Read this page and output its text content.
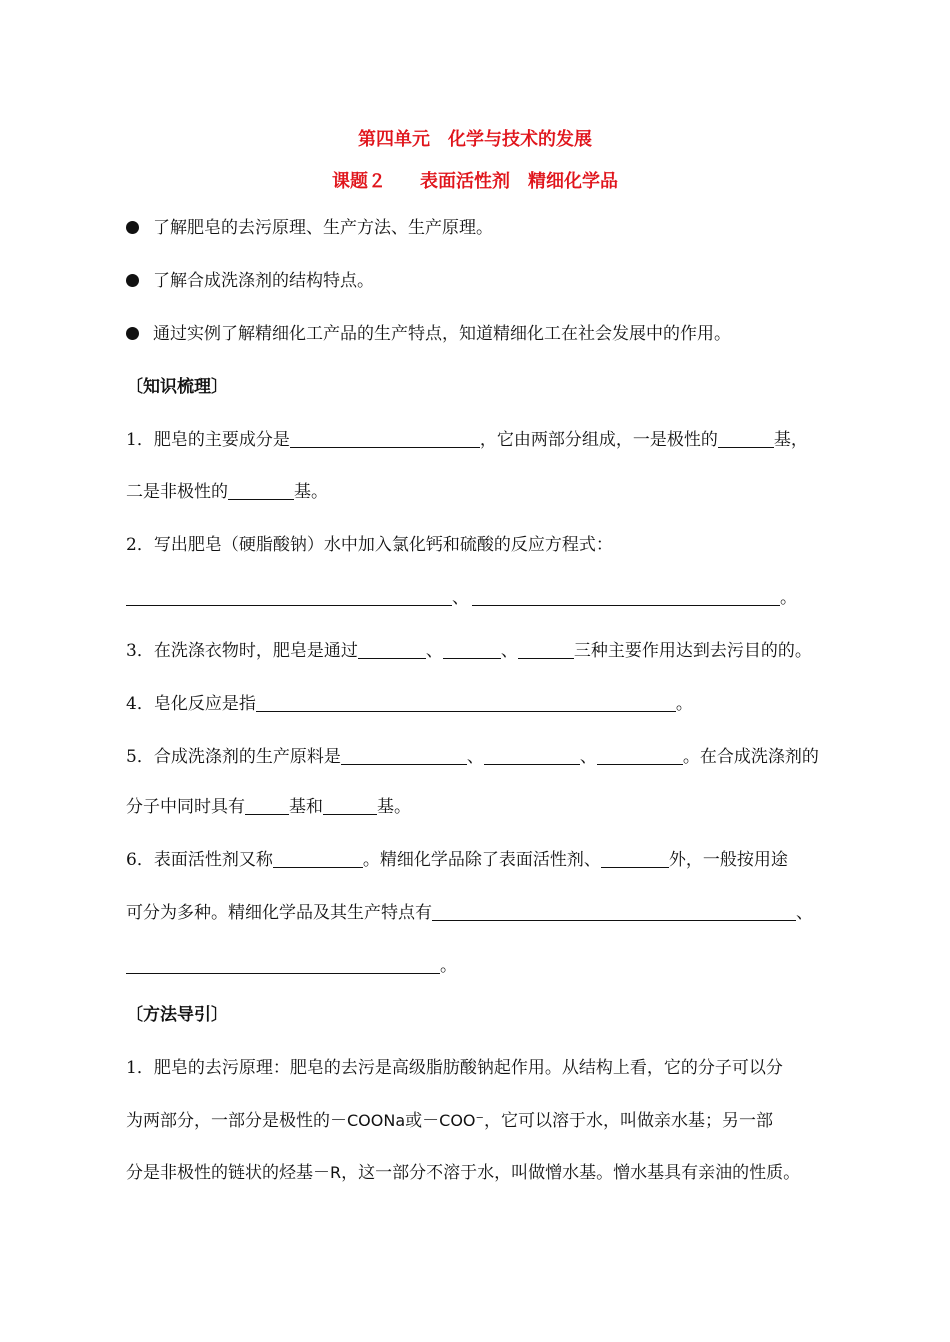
第四单元　化学与技术的发展
课题２ 表面活性剂　精细化学品
了解肥皂的去污原理、生产方法、生产原理。
了解合成洗涤剂的结构特点。
通过实例了解精细化工产品的生产特点，知道精细化工在社会发展中的作用。
〔知识梳理〕
1．肥皂的主要成分是	，它由两部分组成，一是极性的	基，
二是非极性的	基。
2．写出肥皂（硬脂酸钠）水中加入氯化钙和硫酸的反应方程式：
、	。
3．在洗涤衣物时，肥皂是通过	、	、	三种主要作用达到去污目的的。
4．皂化反应是指	。
5．合成洗涤剂的生产原料是	、	、	。在合成洗涤剂的
分子中同时具有	基和	基。
6．表面活性剂又称	。精细化学品除了表面活性剂、	外，一般按用途
可分为多种。精细化学品及其生产特点有	、
。
〔方法导引〕
1．肥皂的去污原理：肥皂的去污是高级脂肪酸钠起作用。从结构上看，它的分子可以分
为两部分，一部分是极性的－COONa或－COO⁻，它可以溶于水，叫做亲水基；另一部
分是非极性的链状的烃基－R，这一部分不溶于水，叫做憎水基。憎水基具有亲油的性质。
